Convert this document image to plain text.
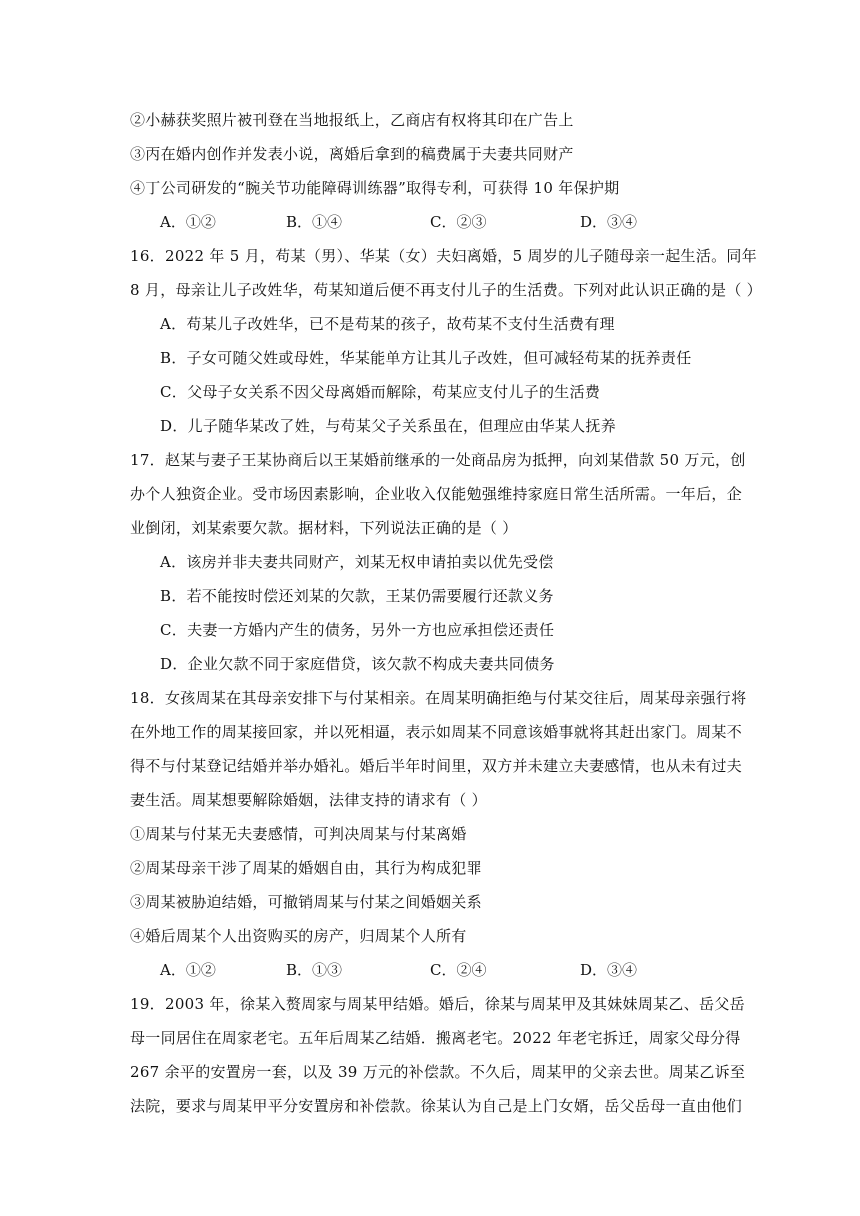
②小赫获奖照片被刊登在当地报纸上，乙商店有权将其印在广告上
③丙在婚内创作并发表小说，离婚后拿到的稿费属于夫妻共同财产
④丁公司研发的“腕关节功能障碍训练器”取得专利，可获得 10 年保护期
A．①②	B．①④	C．②③	D．③④
16．2022 年 5 月，苟某（男）、华某（女）夫妇离婚，5 周岁的儿子随母亲一起生活。同年
8 月，母亲让儿子改姓华，苟某知道后便不再支付儿子的生活费。下列对此认识正确的是（ ）
A．苟某儿子改姓华，已不是苟某的孩子，故苟某不支付生活费有理
B．子女可随父姓或母姓，华某能单方让其儿子改姓，但可减轻苟某的抚养责任
C．父母子女关系不因父母离婚而解除，苟某应支付儿子的生活费
D．儿子随华某改了姓，与苟某父子关系虽在，但理应由华某人抚养
17．赵某与妻子王某协商后以王某婚前继承的一处商品房为抵押，向刘某借款 50 万元，创
办个人独资企业。受市场因素影响，企业收入仅能勉强维持家庭日常生活所需。一年后，企
业倒闭，刘某索要欠款。据材料，下列说法正确的是（ ）
A．该房并非夫妻共同财产，刘某无权申请拍卖以优先受偿
B．若不能按时偿还刘某的欠款，王某仍需要履行还款义务
C．夫妻一方婚内产生的债务，另外一方也应承担偿还责任
D．企业欠款不同于家庭借贷，该欠款不构成夫妻共同债务
18．女孩周某在其母亲安排下与付某相亲。在周某明确拒绝与付某交往后，周某母亲强行将
在外地工作的周某接回家，并以死相逼，表示如周某不同意该婚事就将其赶出家门。周某不
得不与付某登记结婚并举办婚礼。婚后半年时间里，双方并未建立夫妻感情，也从未有过夫
妻生活。周某想要解除婚姻，法律支持的请求有（ ）
①周某与付某无夫妻感情，可判决周某与付某离婚
②周某母亲干涉了周某的婚姻自由，其行为构成犯罪
③周某被胁迫结婚，可撤销周某与付某之间婚姻关系
④婚后周某个人出资购买的房产，归周某个人所有
A．①②	B．①③	C．②④	D．③④
19．2003 年，徐某入赘周家与周某甲结婚。婚后，徐某与周某甲及其妹妹周某乙、岳父岳
母一同居住在周家老宅。五年后周某乙结婚．搬离老宅。2022 年老宅拆迁，周家父母分得
267 余平的安置房一套，以及 39 万元的补偿款。不久后，周某甲的父亲去世。周某乙诉至
法院，要求与周某甲平分安置房和补偿款。徐某认为自己是上门女婿，岳父岳母一直由他们
